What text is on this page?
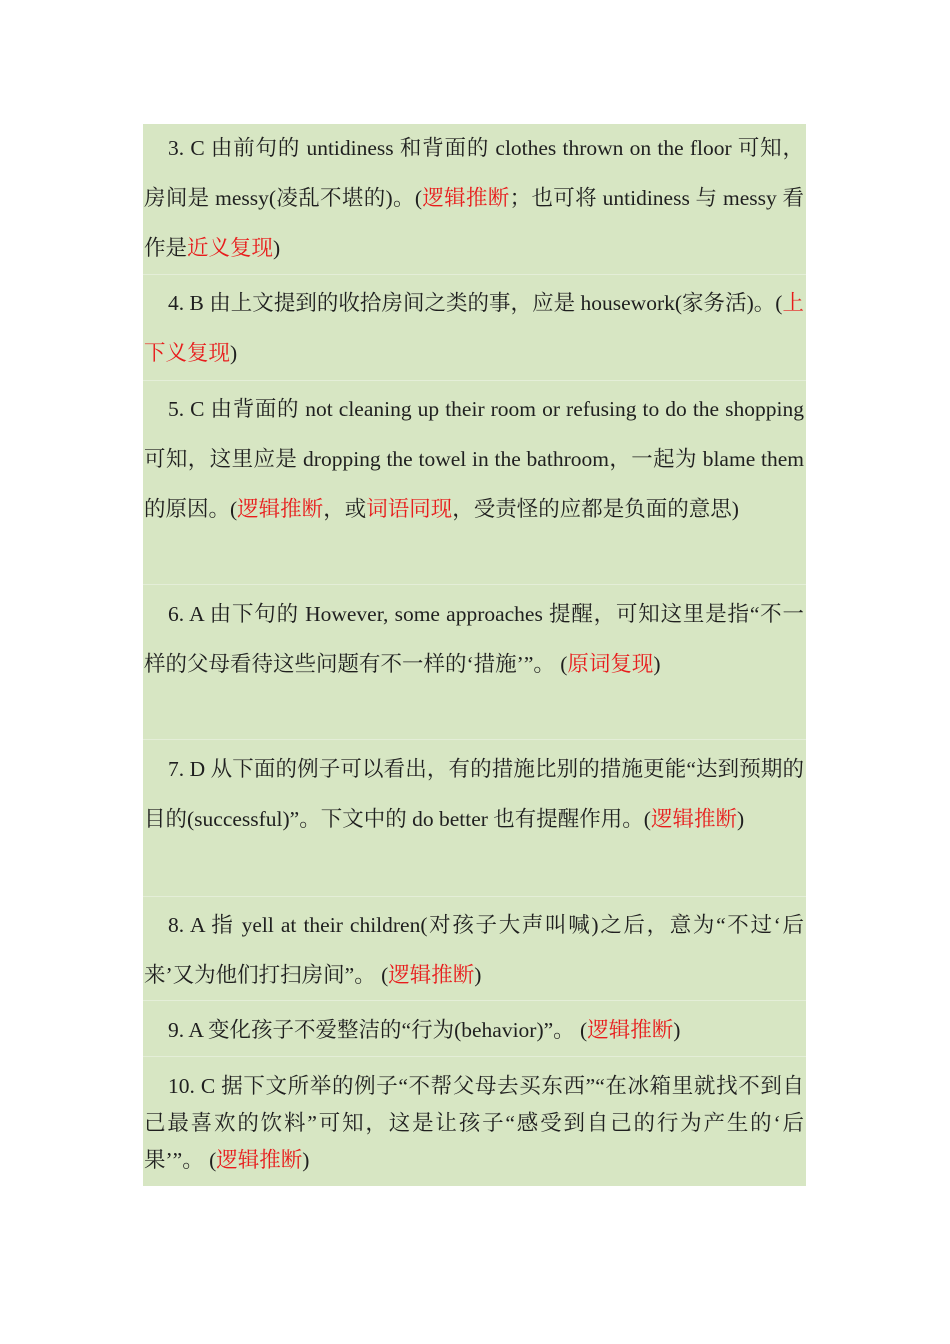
3. C 由前句的 untidiness 和背面的 clothes thrown on the floor 可知，房间是 messy(凌乱不堪的)。(逻辑推断；也可将 untidiness 与 messy 看作是近义复现)

4. B 由上文提到的收拾房间之类的事，应是 housework(家务活)。(上下义复现)

5. C 由背面的 not cleaning up their room or refusing to do the shopping 可知，这里应是 dropping the towel in the bathroom，一起为 blame them 的原因。(逻辑推断，或词语同现，受责怪的应都是负面的意思)

6. A 由下句的 However, some approaches 提醒，可知这里是指“不一样的父母看待这些问题有不一样的‘措施’”。 (原词复现)

7. D 从下面的例子可以看出，有的措施比别的措施更能“达到预期的目的(successful)”。下文中的 do better 也有提醒作用。(逻辑推断)

8. A 指 yell at their children(对孩子大声叫喊)之后，意为“不过‘后来’又为他们打扫房间”。 (逻辑推断)

9. A 变化孩子不爱整洁的“行为(behavior)”。 (逻辑推断)

10. C 据下文所举的例子“不帮父母去买东西”“在冰箱里就找不到自己最喜欢的饮料”可知，这是让孩子“感受到自己的行为产生的‘后果’”。 (逻辑推断)
